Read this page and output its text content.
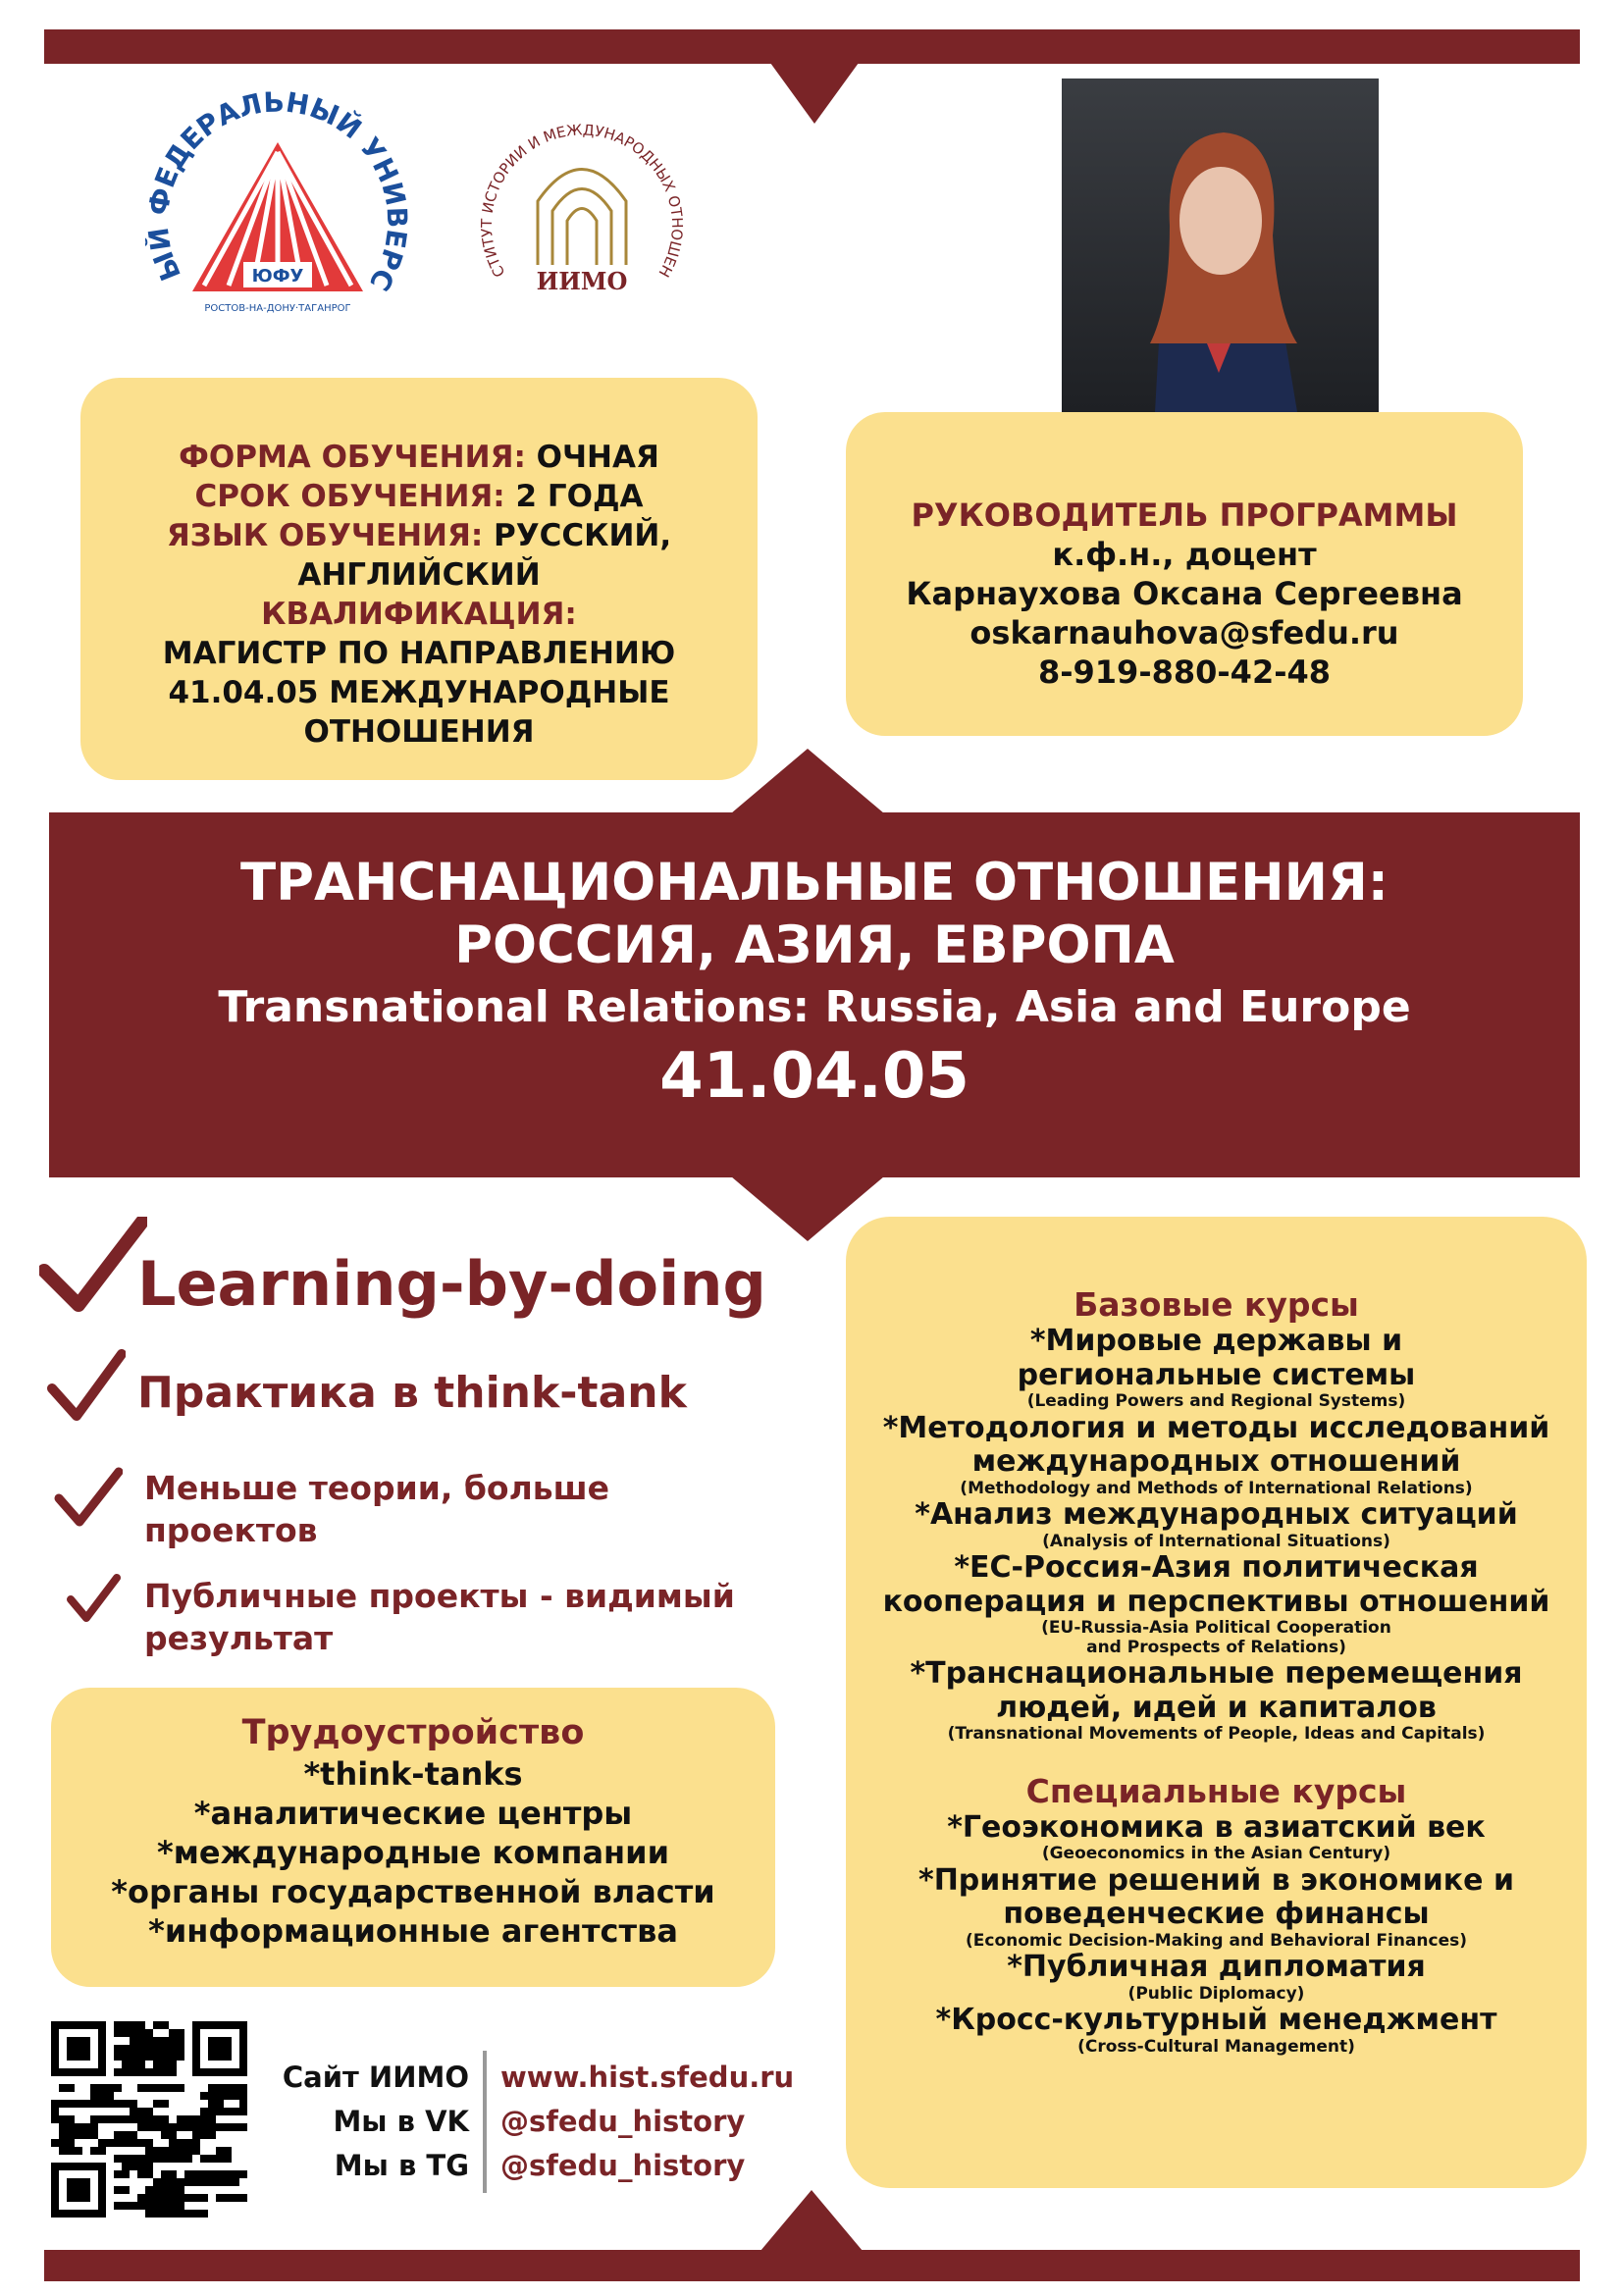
ЫЙ ФЕДЕРАЛЬНЫЙ УНИВЕРС
ЮФУ
РОСТОВ-НА-ДОНУ·ТАГАНРОГ
СТИТУТ ИСТОРИИ И МЕЖДУНАРОДНЫХ ОТНОШЕН
ИИМО
ФОРМА ОБУЧЕНИЯ: ОЧНАЯ
СРОК ОБУЧЕНИЯ: 2 ГОДА
ЯЗЫК ОБУЧЕНИЯ: РУССКИЙ,
АНГЛИЙСКИЙ
КВАЛИФИКАЦИЯ:
МАГИСТР ПО НАПРАВЛЕНИЮ
41.04.05 МЕЖДУНАРОДНЫЕ
ОТНОШЕНИЯ
РУКОВОДИТЕЛЬ ПРОГРАММЫ
к.ф.н., доцент
Карнаухова Оксана Сергеевна
oskarnauhova@sfedu.ru
8-919-880-42-48
ТРАНСНАЦИОНАЛЬНЫЕ ОТНОШЕНИЯ:
РОССИЯ, АЗИЯ, ЕВРОПА
Transnational Relations: Russia, Asia and Europe
41.04.05
Learning-by-doing
Практика в think-tank
Меньше теории, больше
проектов
Публичные проекты - видимый
результат
Трудоустройство
*think-tanks
*аналитические центры
*международные компании
*органы государственной власти
*информационные агентства
Базовые курсы
*Мировые державы и
региональные системы
(Leading Powers and Regional Systems)
*Методология и методы исследований
международных отношений
(Methodology and Methods of International Relations)
*Анализ международных ситуаций
(Analysis of International Situations)
*ЕС-Россия-Азия политическая
кооперация и перспективы отношений
(EU-Russia-Asia Political Cooperation
and Prospects of Relations)
*Транснациональные перемещения
людей, идей и капиталов
(Transnational Movements of People, Ideas and Capitals)
Специальные курсы
*Геоэкономика в азиатский век
(Geoeconomics in the Asian Century)
*Принятие решений в экономике и
поведенческие финансы
(Economic Decision-Making and Behavioral Finances)
*Публичная дипломатия
(Public Diplomacy)
*Кросс-культурный менеджмент
(Cross-Cultural Management)
Сайт ИИМО
Мы в VK
Мы в TG
www.hist.sfedu.ru
@sfedu_history
@sfedu_history
